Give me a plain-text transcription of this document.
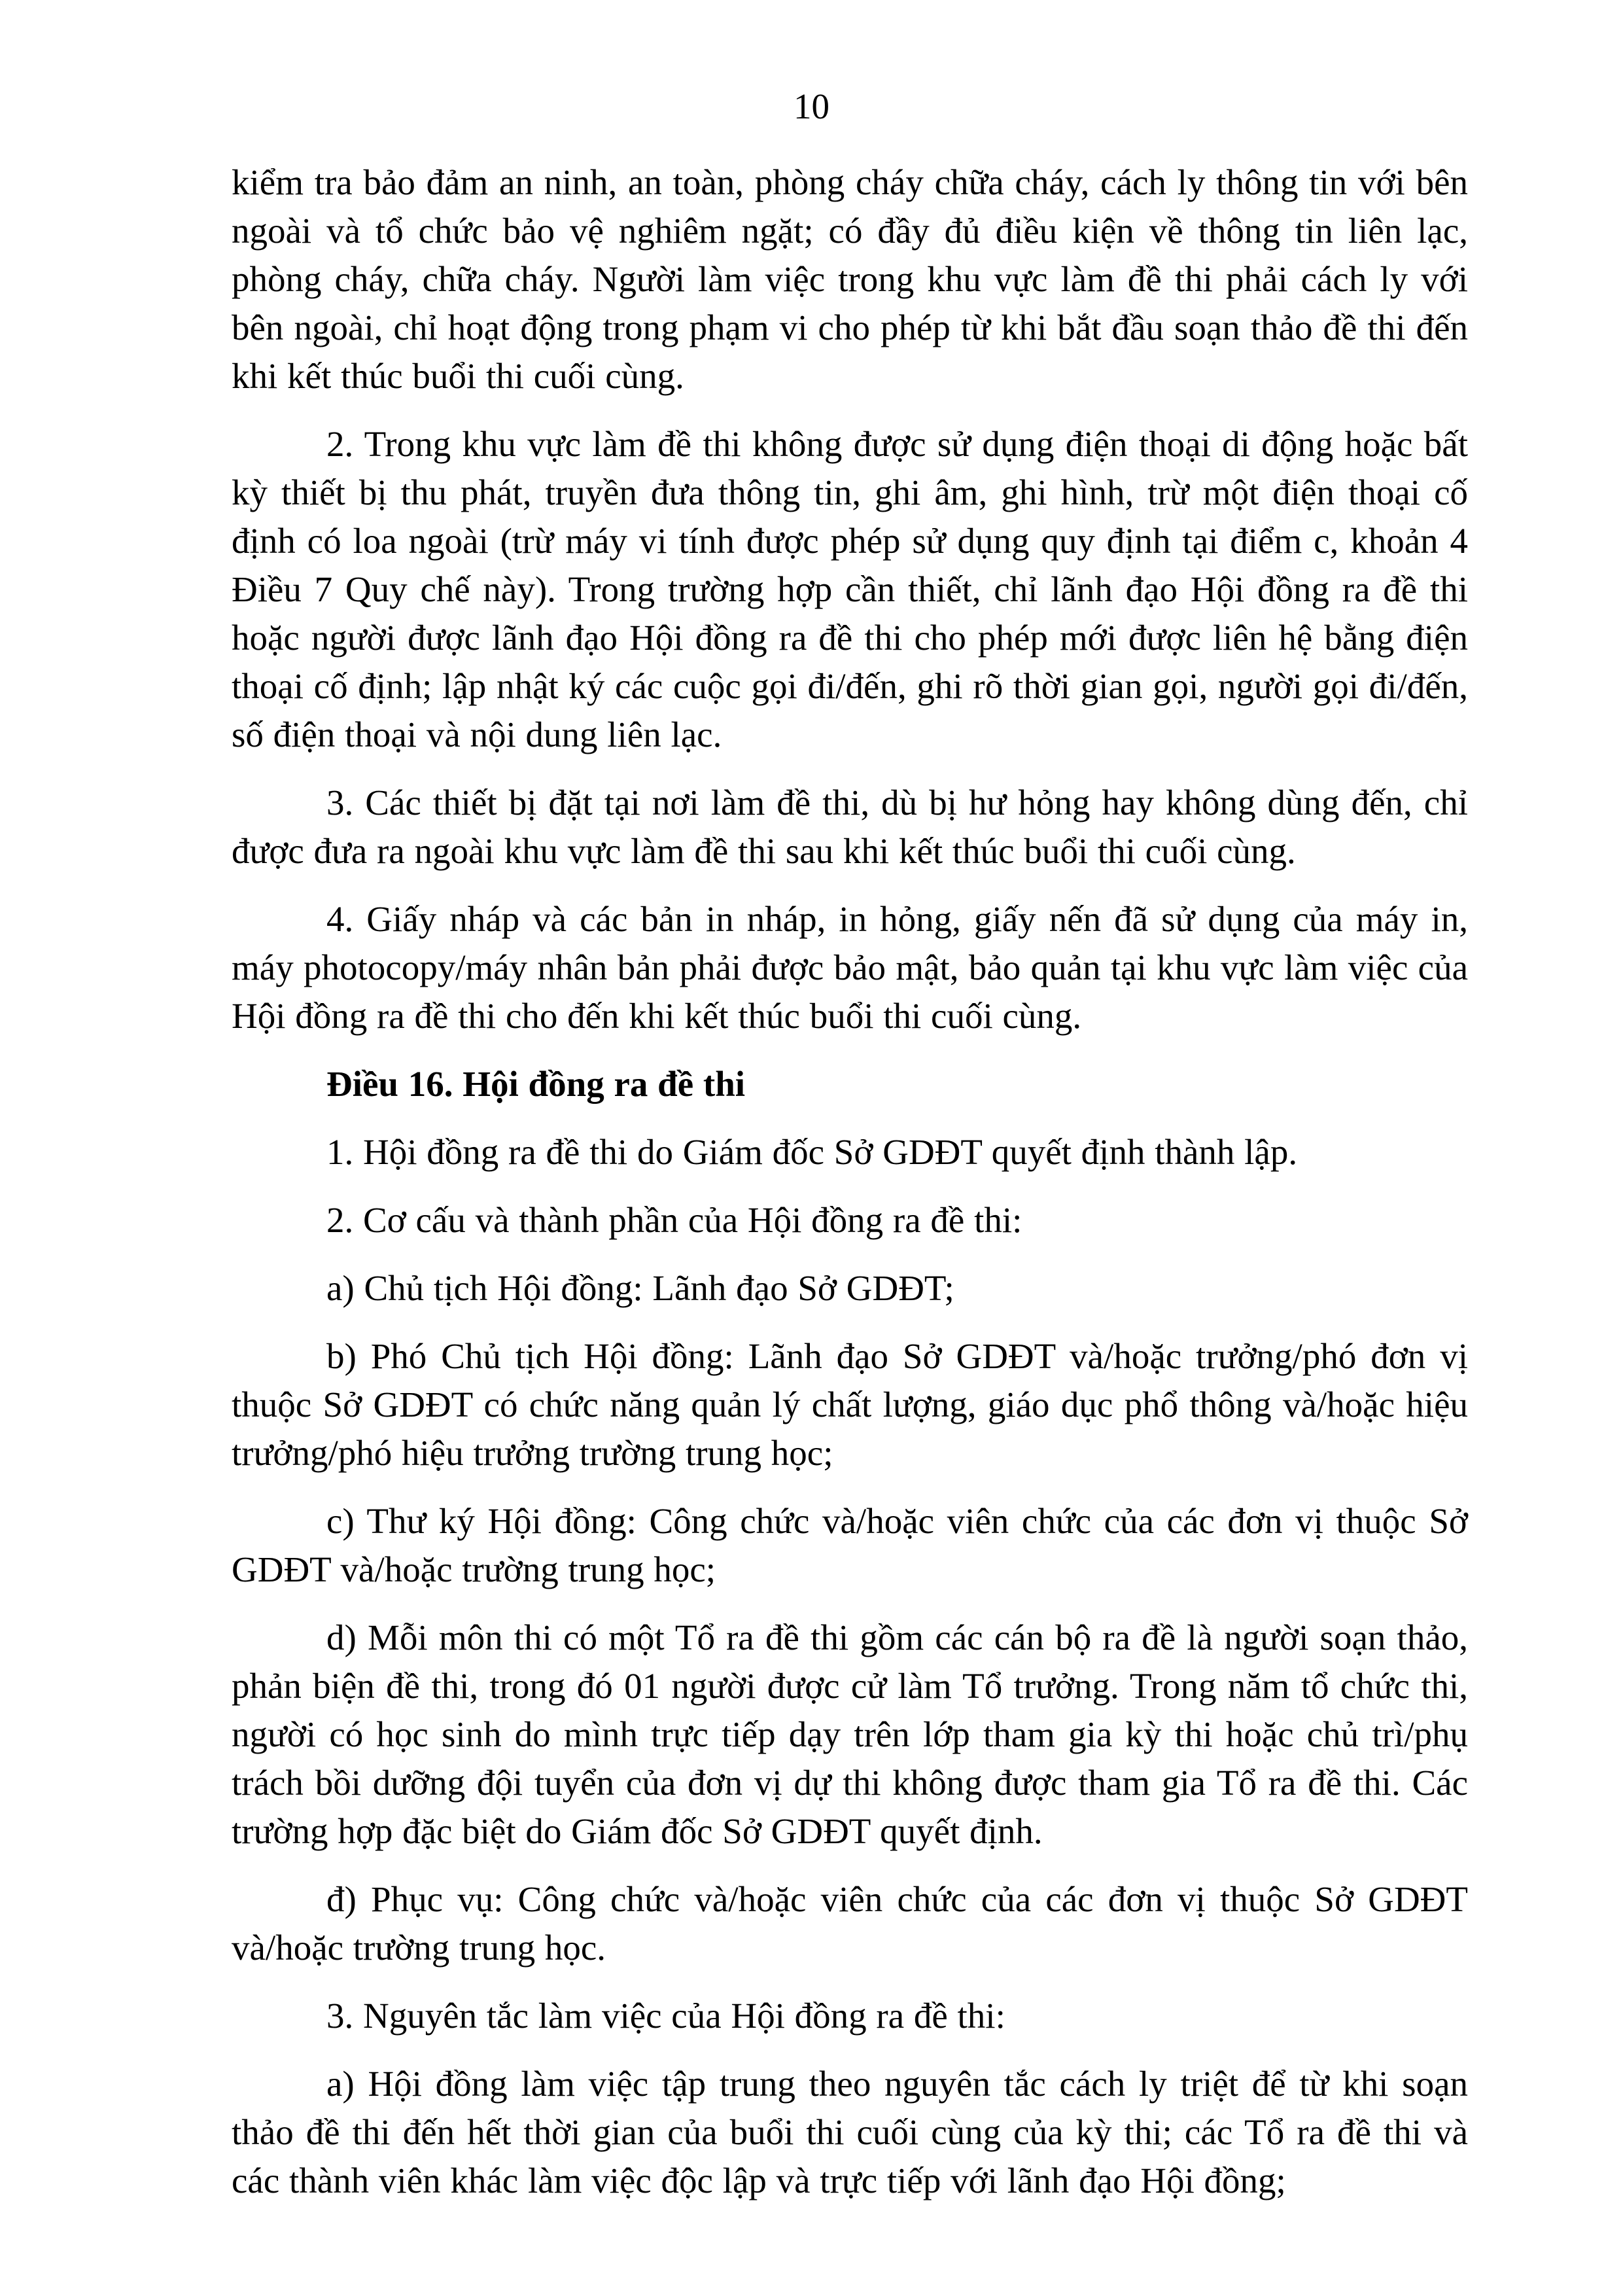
10

kiểm tra bảo đảm an ninh, an toàn, phòng cháy chữa cháy, cách ly thông tin với bên ngoài và tổ chức bảo vệ nghiêm ngặt; có đầy đủ điều kiện về thông tin liên lạc, phòng cháy, chữa cháy. Người làm việc trong khu vực làm đề thi phải cách ly với bên ngoài, chỉ hoạt động trong phạm vi cho phép từ khi bắt đầu soạn thảo đề thi đến khi kết thúc buổi thi cuối cùng.

2. Trong khu vực làm đề thi không được sử dụng điện thoại di động hoặc bất kỳ thiết bị thu phát, truyền đưa thông tin, ghi âm, ghi hình, trừ một điện thoại cố định có loa ngoài (trừ máy vi tính được phép sử dụng quy định tại điểm c, khoản 4 Điều 7 Quy chế này). Trong trường hợp cần thiết, chỉ lãnh đạo Hội đồng ra đề thi hoặc người được lãnh đạo Hội đồng ra đề thi cho phép mới được liên hệ bằng điện thoại cố định; lập nhật ký các cuộc gọi đi/đến, ghi rõ thời gian gọi, người gọi đi/đến, số điện thoại và nội dung liên lạc.

3. Các thiết bị đặt tại nơi làm đề thi, dù bị hư hỏng hay không dùng đến, chỉ được đưa ra ngoài khu vực làm đề thi sau khi kết thúc buổi thi cuối cùng.

4. Giấy nháp và các bản in nháp, in hỏng, giấy nến đã sử dụng của máy in, máy photocopy/máy nhân bản phải được bảo mật, bảo quản tại khu vực làm việc của Hội đồng ra đề thi cho đến khi kết thúc buổi thi cuối cùng.

Điều 16. Hội đồng ra đề thi

1. Hội đồng ra đề thi do Giám đốc Sở GDĐT quyết định thành lập.

2. Cơ cấu và thành phần của Hội đồng ra đề thi:

a) Chủ tịch Hội đồng: Lãnh đạo Sở GDĐT;

b) Phó Chủ tịch Hội đồng: Lãnh đạo Sở GDĐT và/hoặc trưởng/phó đơn vị thuộc Sở GDĐT có chức năng quản lý chất lượng, giáo dục phổ thông và/hoặc hiệu trưởng/phó hiệu trưởng trường trung học;

c) Thư ký Hội đồng: Công chức và/hoặc viên chức của các đơn vị thuộc Sở GDĐT và/hoặc trường trung học;

d) Mỗi môn thi có một Tổ ra đề thi gồm các cán bộ ra đề là người soạn thảo, phản biện đề thi, trong đó 01 người được cử làm Tổ trưởng. Trong năm tổ chức thi, người có học sinh do mình trực tiếp dạy trên lớp tham gia kỳ thi hoặc chủ trì/phụ trách bồi dưỡng đội tuyển của đơn vị dự thi không được tham gia Tổ ra đề thi. Các trường hợp đặc biệt do Giám đốc Sở GDĐT quyết định.

đ) Phục vụ: Công chức và/hoặc viên chức của các đơn vị thuộc Sở GDĐT và/hoặc trường trung học.

3. Nguyên tắc làm việc của Hội đồng ra đề thi:

a) Hội đồng làm việc tập trung theo nguyên tắc cách ly triệt để từ khi soạn thảo đề thi đến hết thời gian của buổi thi cuối cùng của kỳ thi; các Tổ ra đề thi và các thành viên khác làm việc độc lập và trực tiếp với lãnh đạo Hội đồng;
